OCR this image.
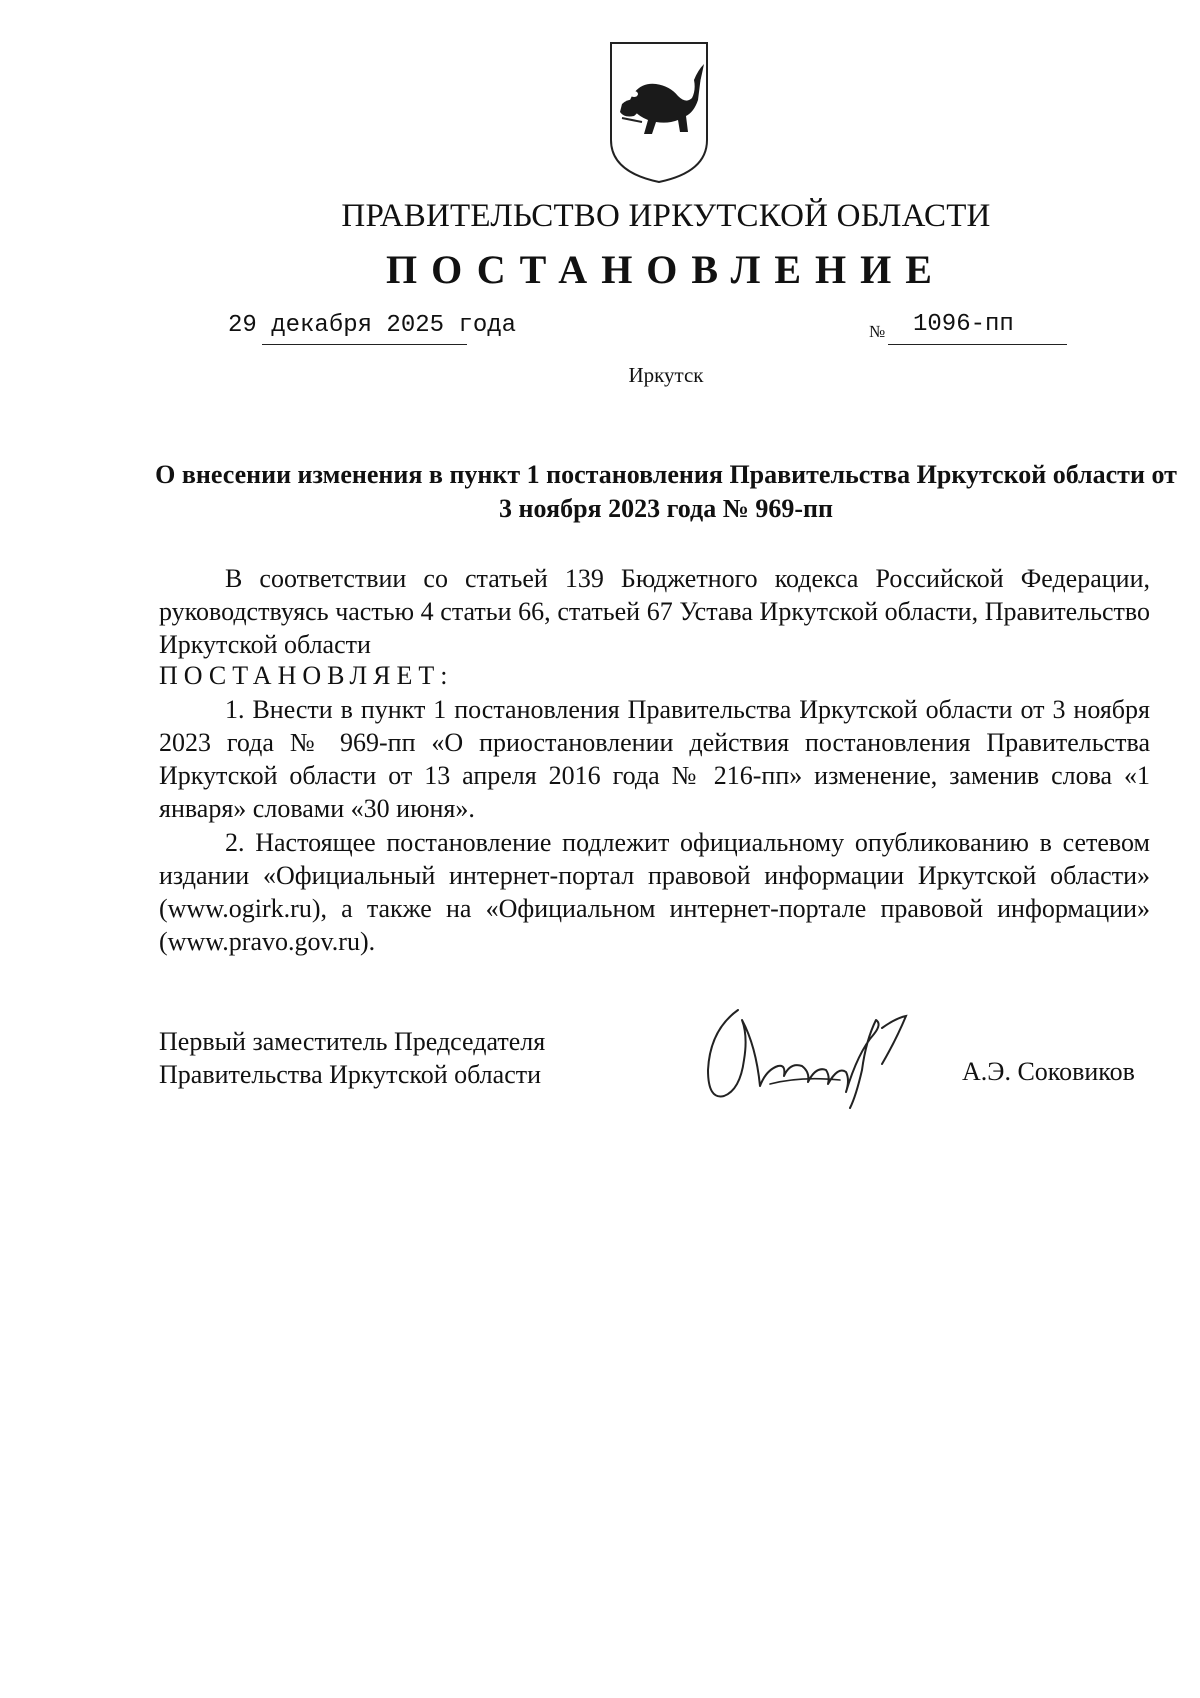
ПРАВИТЕЛЬСТВО ИРКУТСКОЙ ОБЛАСТИ
ПОСТАНОВЛЕНИЕ
29 декабря 2025 года	№ 1096-пп
Иркутск
О внесении изменения в пункт 1 постановления Правительства Иркутской области от 3 ноября 2023 года № 969-пп
В соответствии со статьей 139 Бюджетного кодекса Российской Федерации, руководствуясь частью 4 статьи 66, статьей 67 Устава Иркутской области, Правительство Иркутской области
ПОСТАНОВЛЯЕТ:
1. Внести в пункт 1 постановления Правительства Иркутской области от 3 ноября 2023 года № 969-пп «О приостановлении действия постановления Правительства Иркутской области от 13 апреля 2016 года № 216-пп» изменение, заменив слова «1 января» словами «30 июня».
2. Настоящее постановление подлежит официальному опубликованию в сетевом издании «Официальный интернет-портал правовой информации Иркутской области» (www.ogirk.ru), а также на «Официальном интернет-портале правовой информации» (www.pravo.gov.ru).
Первый заместитель Председателя
Правительства Иркутской области	А.Э. Соковиков
